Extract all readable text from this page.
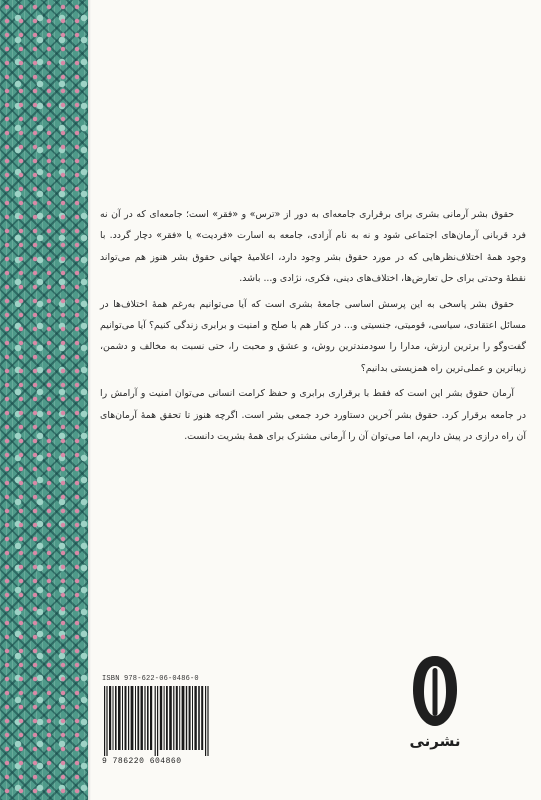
حقوق بشر آرمانی بشری برای برقراری جامعه‌ای به دور از «ترس» و «فقر» است؛ جامعه‌ای که در آن نه فرد قربانی آرمان‌های اجتماعی شود و نه به نام آزادی، جامعه به اسارت «فردیت» یا «فقر» دچار گردد. با وجود همهٔ اختلاف‌نظرهایی که در مورد حقوق بشر وجود دارد، اعلامیهٔ جهانی حقوق بشر هنوز هم می‌تواند نقطهٔ وحدتی برای حل تعارض‌ها، اختلاف‌های دینی، فکری، نژادی و... باشد.

حقوق بشر پاسخی به این پرسش اساسی جامعهٔ بشری است که آیا می‌توانیم به‌رغم همهٔ اختلاف‌ها در مسائل اعتقادی، سیاسی، قومیتی، جنسیتی و... در کنار هم با صلح و امنیت و برابری زندگی کنیم؟ آیا می‌توانیم گفت‌وگو را برترین ارزش، مدارا را سودمندترین روش، و عشق و محبت را، حتی نسبت به مخالف و دشمن، زیباترین و عملی‌ترین راه همزیستی بدانیم؟

آرمان حقوق بشر این است که فقط با برقراری برابری و حفظ کرامت انسانی می‌توان امنیت و آرامش را در جامعه برقرار کرد. حقوق بشر آخرین دستاورد خرد جمعی بشر است. اگرچه هنوز تا تحقق همهٔ آرمان‌های آن راه درازی در پیش داریم، اما می‌توان آن را آرمانی مشترک برای همهٔ بشریت دانست.

ISBN 978-622-06-0486-0
9 786220 604860
نشرنی
